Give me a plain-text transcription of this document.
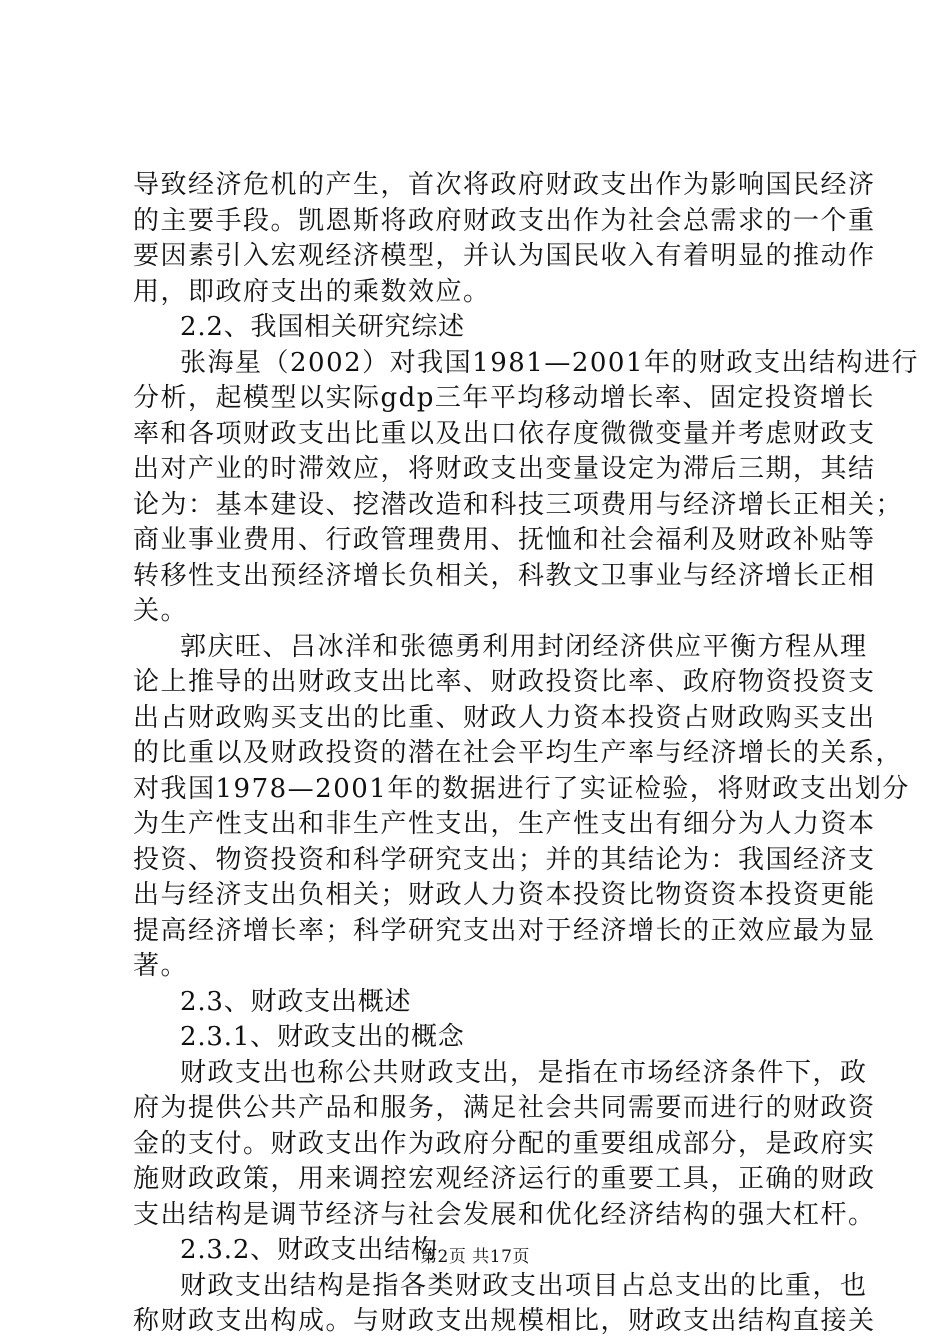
导致经济危机的产生，首次将政府财政支出作为影响国民经济
的主要手段。凯恩斯将政府财政支出作为社会总需求的一个重
要因素引入宏观经济模型，并认为国民收入有着明显的推动作
用，即政府支出的乘数效应。
2.2、我国相关研究综述
张海星（2002）对我国1981—2001年的财政支出结构进行
分析，起模型以实际gdp三年平均移动增长率、固定投资增长
率和各项财政支出比重以及出口依存度微微变量并考虑财政支
出对产业的时滞效应，将财政支出变量设定为滞后三期，其结
论为：基本建设、挖潜改造和科技三项费用与经济增长正相关；
商业事业费用、行政管理费用、抚恤和社会福利及财政补贴等
转移性支出预经济增长负相关，科教文卫事业与经济增长正相
关。
郭庆旺、吕冰洋和张德勇利用封闭经济供应平衡方程从理
论上推导的出财政支出比率、财政投资比率、政府物资投资支
出占财政购买支出的比重、财政人力资本投资占财政购买支出
的比重以及财政投资的潜在社会平均生产率与经济增长的关系，
对我国1978—2001年的数据进行了实证检验，将财政支出划分
为生产性支出和非生产性支出，生产性支出有细分为人力资本
投资、物资投资和科学研究支出；并的其结论为：我国经济支
出与经济支出负相关；财政人力资本投资比物资资本投资更能
提高经济增长率；科学研究支出对于经济增长的正效应最为显
著。
2.3、财政支出概述
2.3.1、财政支出的概念
财政支出也称公共财政支出，是指在市场经济条件下，政
府为提供公共产品和服务，满足社会共同需要而进行的财政资
金的支付。财政支出作为政府分配的重要组成部分，是政府实
施财政政策，用来调控宏观经济运行的重要工具，正确的财政
支出结构是调节经济与社会发展和优化经济结构的强大杠杆。
2.3.2、财政支出结构
财政支出结构是指各类财政支出项目占总支出的比重，也
称财政支出构成。与财政支出规模相比，财政支出结构直接关
第2页 共17页
